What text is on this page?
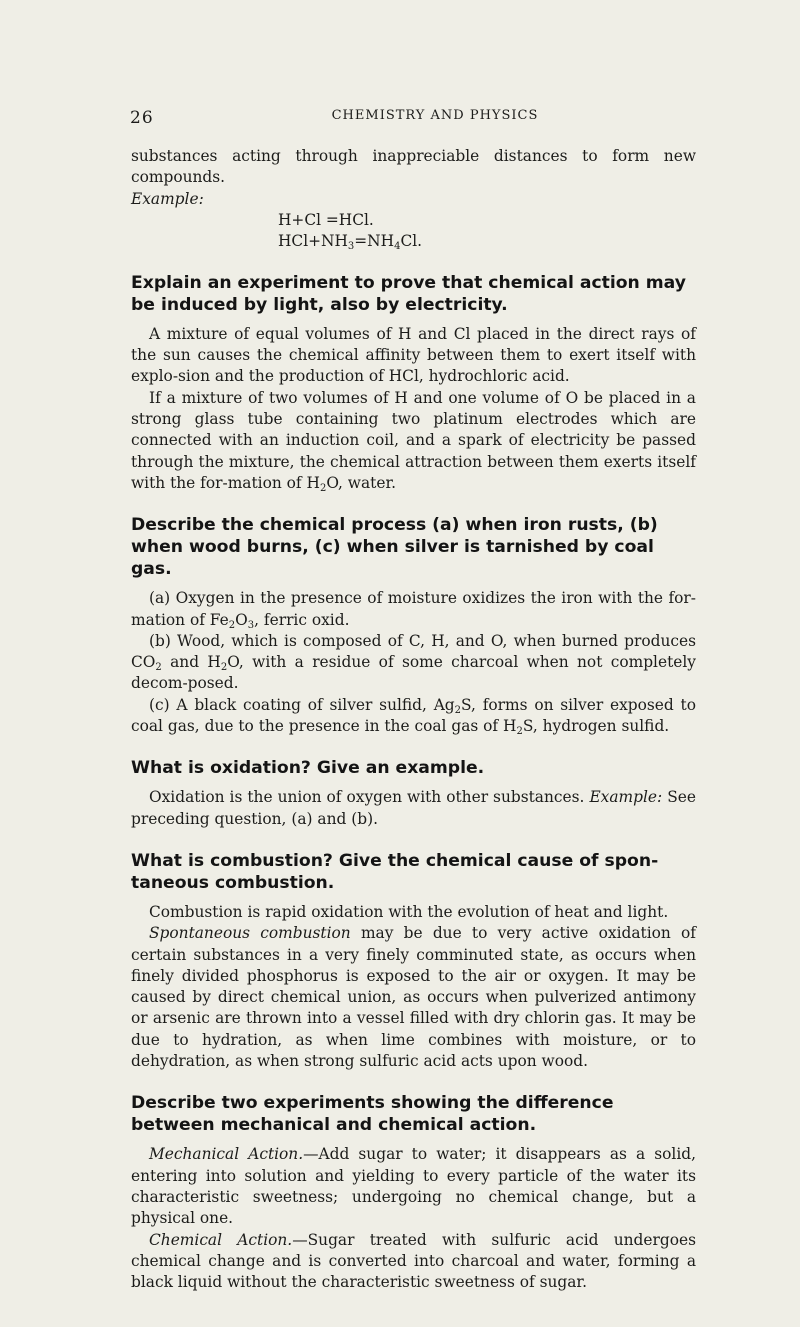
26	CHEMISTRY AND PHYSICS

substances acting through inappreciable distances to form new compounds.

Example:

H+Cl =HCl.
$HCl+NH_3=NH_4Cl$.
Explain an experiment to prove that chemical action may be induced by light, also by electricity.

A mixture of equal volumes of H and Cl placed in the direct rays of the sun causes the chemical affinity between them to exert itself with explo-sion and the production of HCl, hydrochloric acid.

If a mixture of two volumes of H and one volume of O be placed in a strong glass tube containing two platinum electrodes which are connected with an induction coil, and a spark of electricity be passed through the mixture, the chemical attraction between them exerts itself with the for-mation of $H_2O$, water.

Describe the chemical process (a) when iron rusts, (b) when wood burns, (c) when silver is tarnished by coal gas.

(a) Oxygen in the presence of moisture oxidizes the iron with the for-mation of $Fe_2O_3$, ferric oxid.

(b) Wood, which is composed of C, H, and O, when burned produces $CO_2$ and $H_2O$, with a residue of some charcoal when not completely decom-posed.

(c) A black coating of silver sulfid, $Ag_2S$, forms on silver exposed to coal gas, due to the presence in the coal gas of $H_2S$, hydrogen sulfid.

What is oxidation? Give an example.

Oxidation is the union of oxygen with other substances. Example: See preceding question, (a) and (b).

What is combustion? Give the chemical cause of spon-taneous combustion.

Combustion is rapid oxidation with the evolution of heat and light.

Spontaneous combustion may be due to very active oxidation of certain substances in a very finely comminuted state, as occurs when finely divided phosphorus is exposed to the air or oxygen. It may be caused by direct chemical union, as occurs when pulverized antimony or arsenic are thrown into a vessel filled with dry chlorin gas. It may be due to hydration, as when lime combines with moisture, or to dehydration, as when strong sulfuric acid acts upon wood.

Describe two experiments showing the difference between mechanical and chemical action.

Mechanical Action.—Add sugar to water; it disappears as a solid, entering into solution and yielding to every particle of the water its characteristic sweetness; undergoing no chemical change, but a physical one.

Chemical Action.—Sugar treated with sulfuric acid undergoes chemical change and is converted into charcoal and water, forming a black liquid without the characteristic sweetness of sugar.
